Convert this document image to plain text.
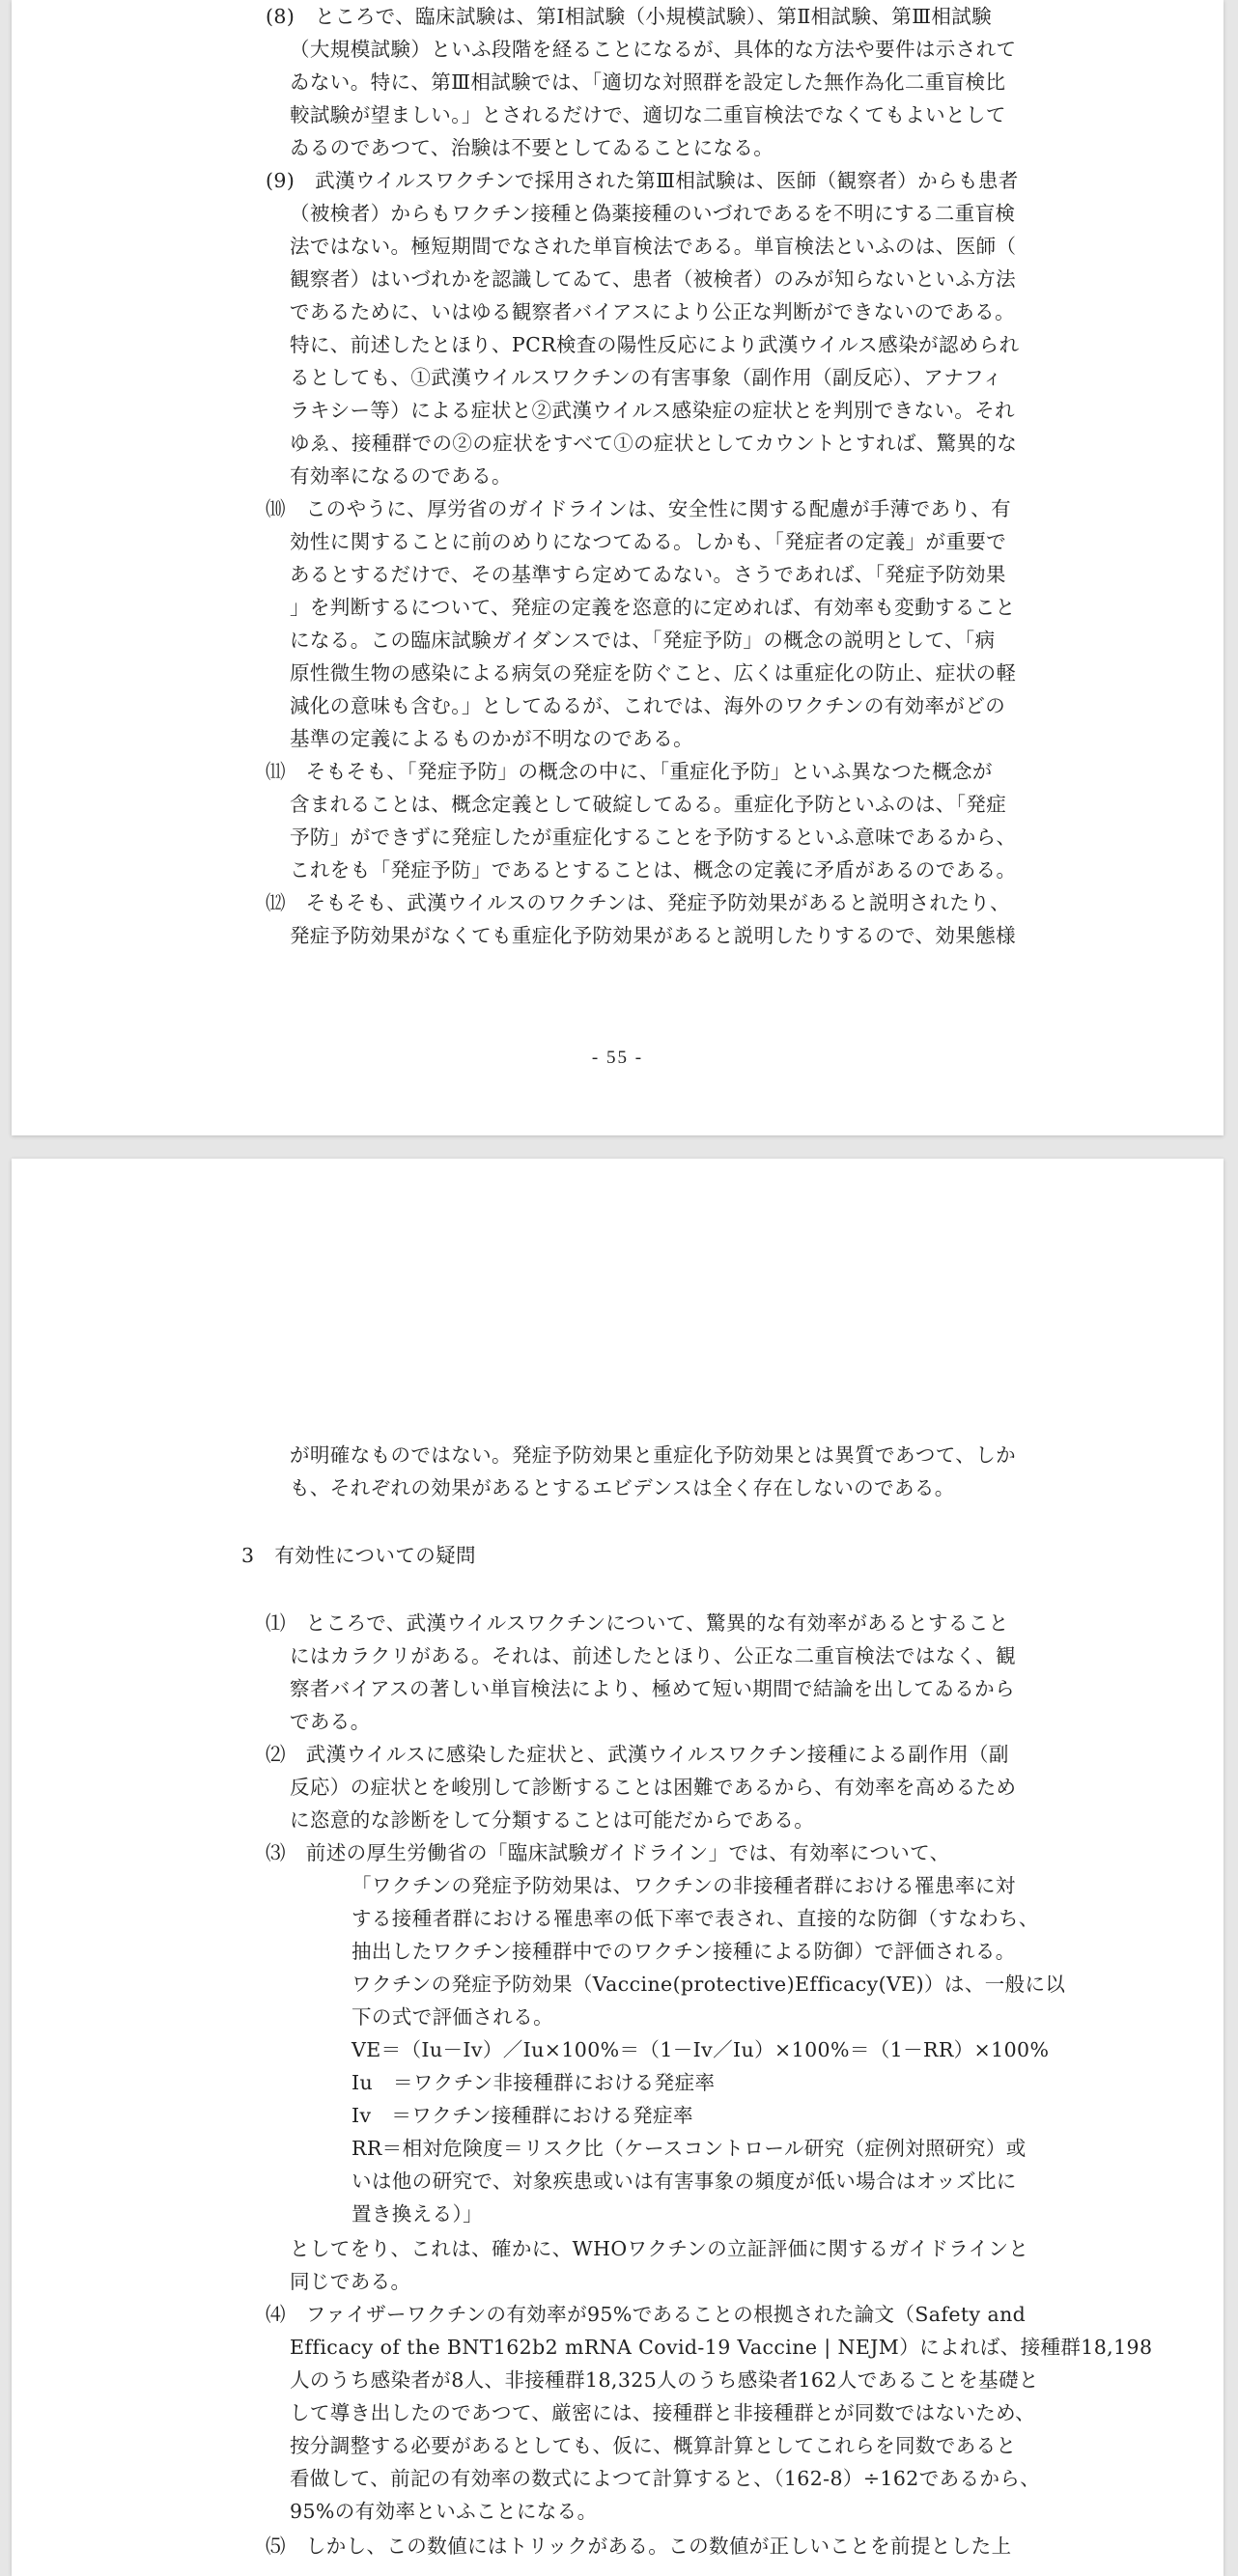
(8)　ところで、臨床試験は、第Ⅰ相試験（小規模試験）、第Ⅱ相試験、第Ⅲ相試験
（大規模試験）といふ段階を経ることになるが、具体的な方法や要件は示されて
ゐない。特に、第Ⅲ相試験では、「適切な対照群を設定した無作為化二重盲検比
較試験が望ましい。」とされるだけで、適切な二重盲検法でなくてもよいとして
ゐるのであつて、治験は不要としてゐることになる。
(9)　武漢ウイルスワクチンで採用された第Ⅲ相試験は、医師（観察者）からも患者
（被検者）からもワクチン接種と偽薬接種のいづれであるを不明にする二重盲検
法ではない。極短期間でなされた単盲検法である。単盲検法といふのは、医師（
観察者）はいづれかを認識してゐて、患者（被検者）のみが知らないといふ方法
であるために、いはゆる観察者バイアスにより公正な判断ができないのである。
特に、前述したとほり、PCR検査の陽性反応により武漢ウイルス感染が認められ
るとしても、①武漢ウイルスワクチンの有害事象（副作用（副反応）、アナフィ
ラキシー等）による症状と②武漢ウイルス感染症の症状とを判別できない。それ
ゆゑ、接種群での②の症状をすべて①の症状としてカウントとすれば、驚異的な
有効率になるのである。
⑽　このやうに、厚労省のガイドラインは、安全性に関する配慮が手薄であり、有
効性に関することに前のめりになつてゐる。しかも、「発症者の定義」が重要で
あるとするだけで、その基準すら定めてゐない。さうであれば、「発症予防効果
」を判断するについて、発症の定義を恣意的に定めれば、有効率も変動すること
になる。この臨床試験ガイダンスでは、「発症予防」の概念の説明として、「病
原性微生物の感染による病気の発症を防ぐこと、広くは重症化の防止、症状の軽
減化の意味も含む。」としてゐるが、これでは、海外のワクチンの有効率がどの
基準の定義によるものかが不明なのである。
⑾　そもそも、「発症予防」の概念の中に、「重症化予防」といふ異なつた概念が
含まれることは、概念定義として破綻してゐる。重症化予防といふのは、「発症
予防」ができずに発症したが重症化することを予防するといふ意味であるから、
これをも「発症予防」であるとすることは、概念の定義に矛盾があるのである。
⑿　そもそも、武漢ウイルスのワクチンは、発症予防効果があると説明されたり、
発症予防効果がなくても重症化予防効果があると説明したりするので、効果態様
- 55 -
が明確なものではない。発症予防効果と重症化予防効果とは異質であつて、しか
も、それぞれの効果があるとするエビデンスは全く存在しないのである。
3　有効性についての疑問
⑴　ところで、武漢ウイルスワクチンについて、驚異的な有効率があるとすること
にはカラクリがある。それは、前述したとほり、公正な二重盲検法ではなく、観
察者バイアスの著しい単盲検法により、極めて短い期間で結論を出してゐるから
である。
⑵　武漢ウイルスに感染した症状と、武漢ウイルスワクチン接種による副作用（副
反応）の症状とを峻別して診断することは困難であるから、有効率を高めるため
に恣意的な診断をして分類することは可能だからである。
⑶　前述の厚生労働省の「臨床試験ガイドライン」では、有効率について、
「ワクチンの発症予防効果は、ワクチンの非接種者群における罹患率に対
する接種者群における罹患率の低下率で表され、直接的な防御（すなわち、
抽出したワクチン接種群中でのワクチン接種による防御）で評価される。
ワクチンの発症予防効果（Vaccine(protective)Efficacy(VE)）は、一般に以
下の式で評価される。
VE＝（Iu－Iv）／Iu×100%＝（1－Iv／Iu）×100%＝（1－RR）×100%
Iu　＝ワクチン非接種群における発症率
Iv　＝ワクチン接種群における発症率
RR＝相対危険度＝リスク比（ケースコントロール研究（症例対照研究）或
いは他の研究で、対象疾患或いは有害事象の頻度が低い場合はオッズ比に
置き換える）」
としてをり、これは、確かに、WHOワクチンの立証評価に関するガイドラインと
同じである。
⑷　ファイザーワクチンの有効率が95%であることの根拠された論文（Safety and
Efficacy of the BNT162b2 mRNA Covid-19 Vaccine | NEJM）によれば、接種群18,198
人のうち感染者が8人、非接種群18,325人のうち感染者162人であることを基礎と
して導き出したのであつて、厳密には、接種群と非接種群とが同数ではないため、
按分調整する必要があるとしても、仮に、概算計算としてこれらを同数であると
看做して、前記の有効率の数式によつて計算すると、（162-8）÷162であるから、
95%の有効率といふことになる。
⑸　しかし、この数値にはトリックがある。この数値が正しいことを前提とした上
